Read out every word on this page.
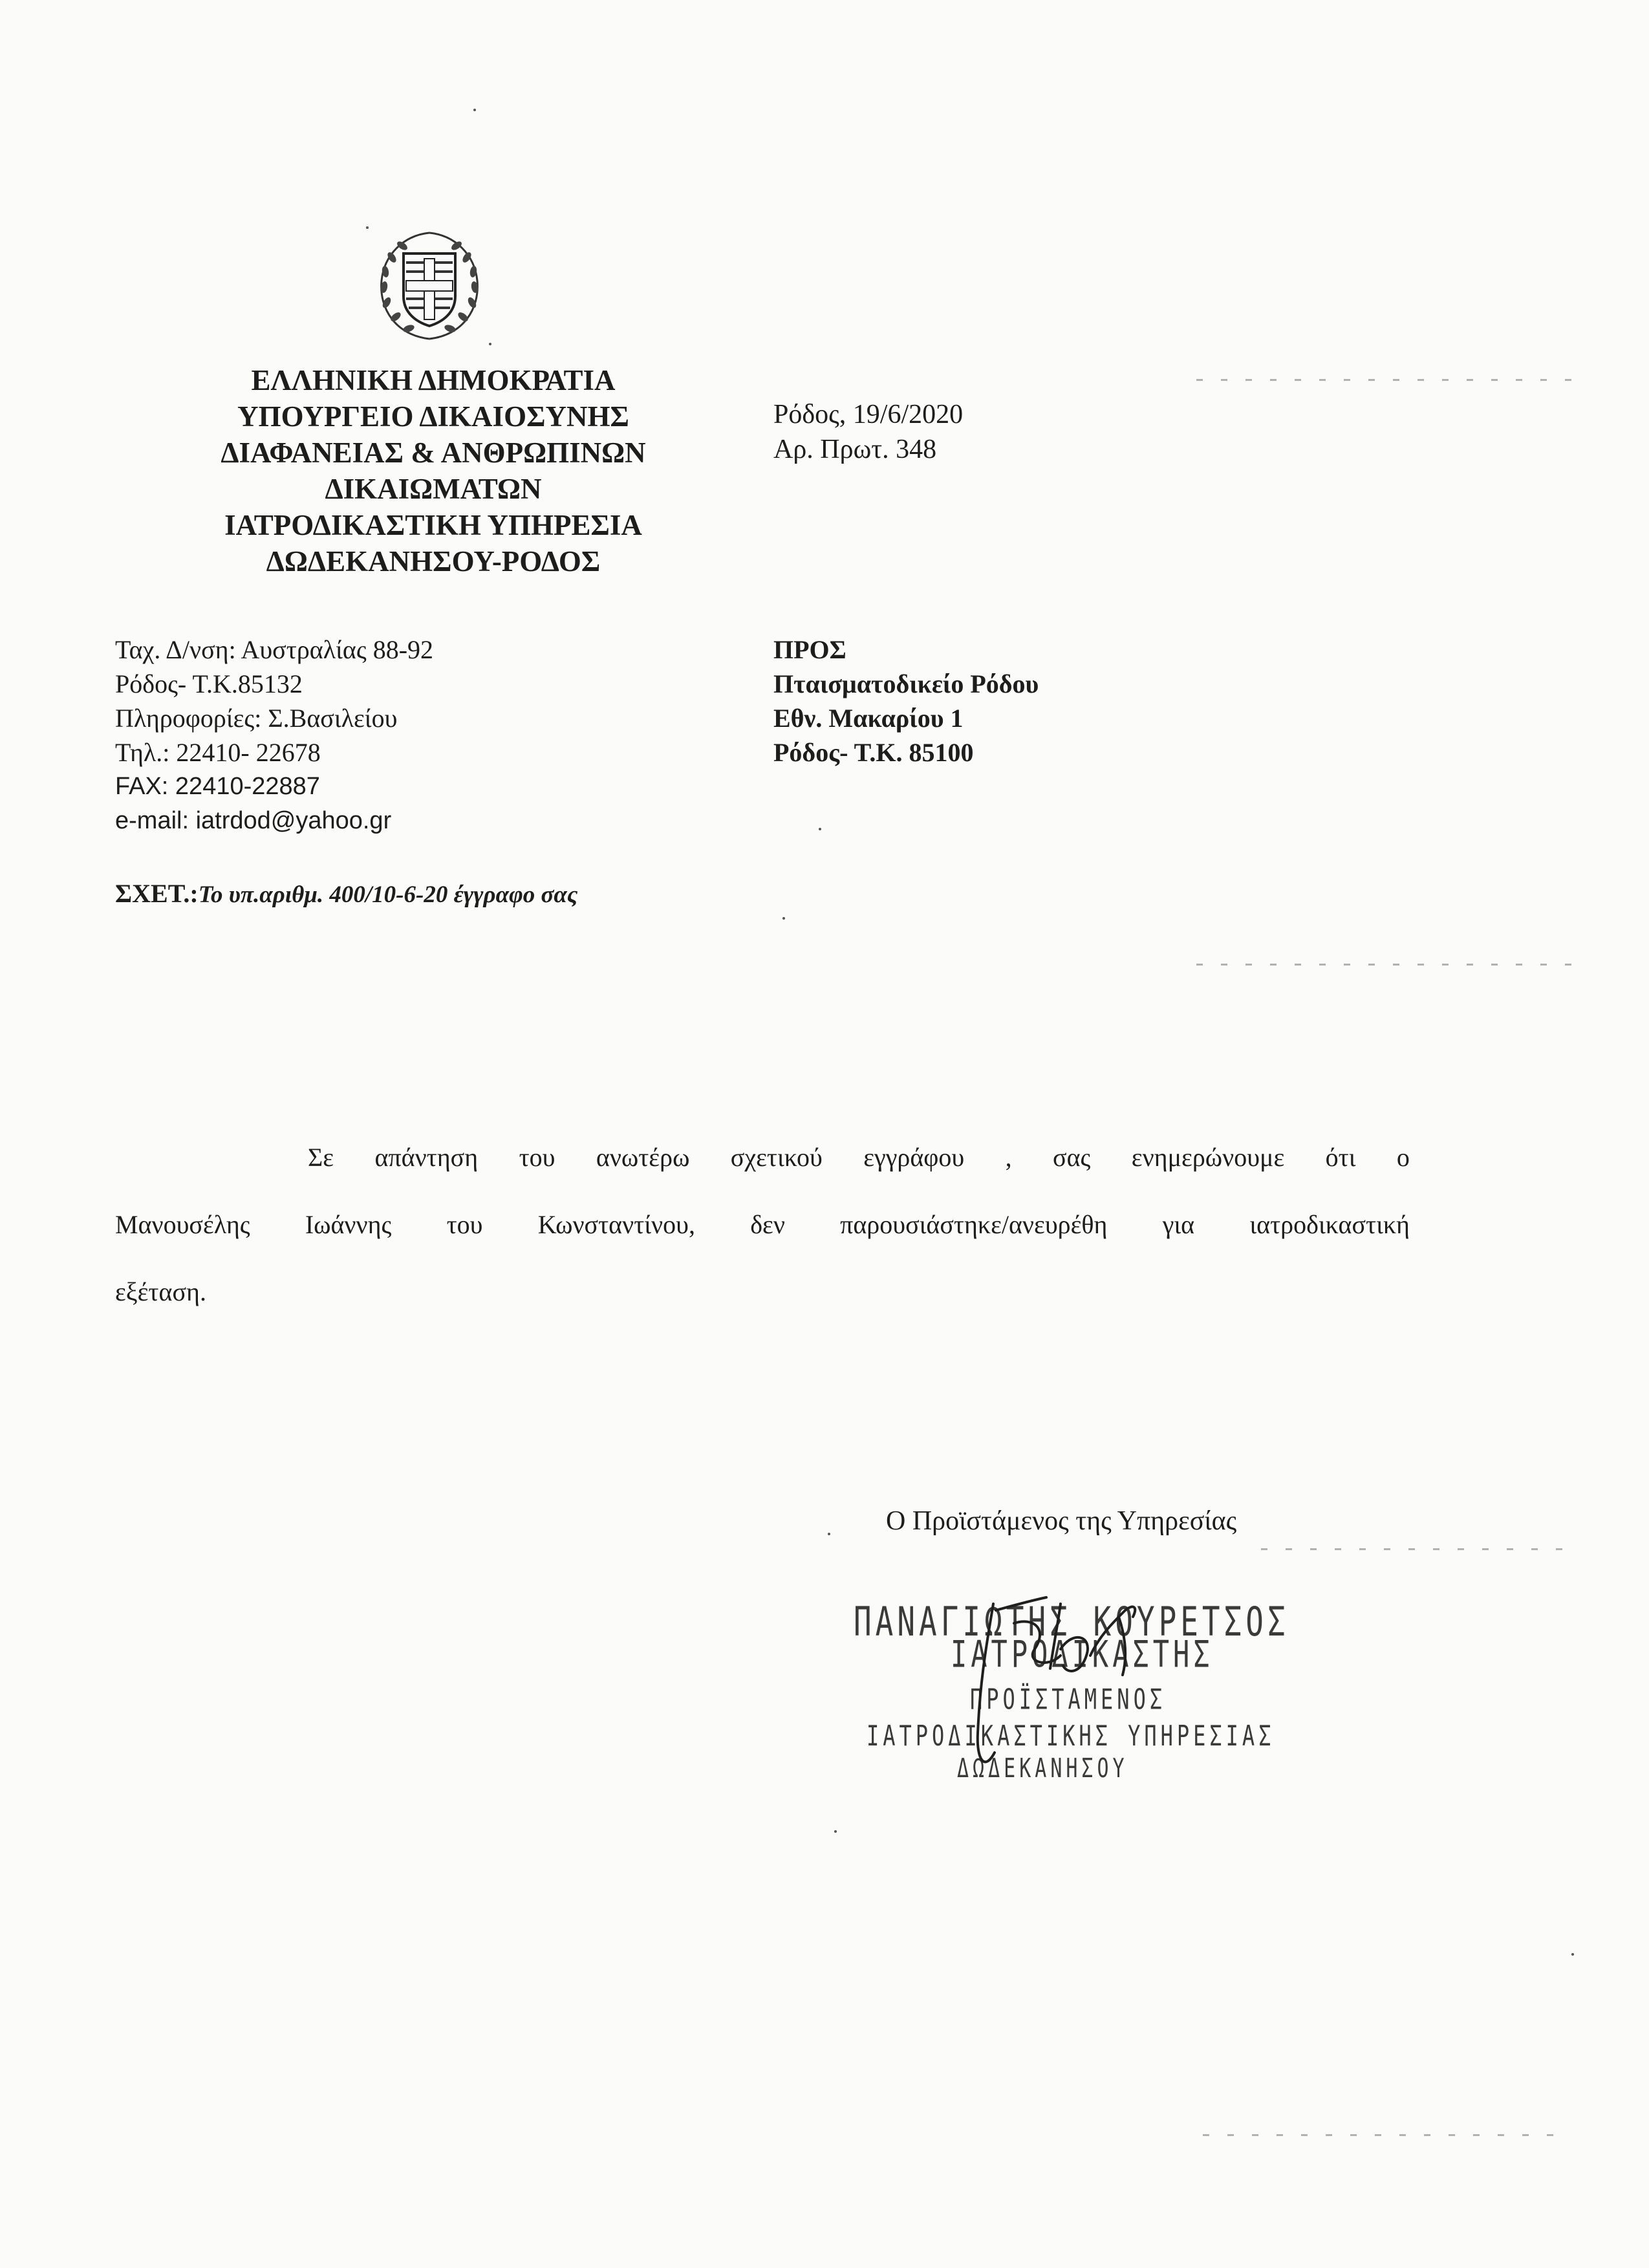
ΕΛΛΗΝΙΚΗ ΔΗΜΟΚΡΑΤΙΑ
ΥΠΟΥΡΓΕΙΟ ΔΙΚΑΙΟΣΥΝΗΣ
ΔΙΑΦΑΝΕΙΑΣ & ΑΝΘΡΩΠΙΝΩΝ
ΔΙΚΑΙΩΜΑΤΩΝ
ΙΑΤΡΟΔΙΚΑΣΤΙΚΗ ΥΠΗΡΕΣΙΑ
ΔΩΔΕΚΑΝΗΣΟΥ-ΡΟΔΟΣ
Ρόδος, 19/6/2020
Αρ. Πρωτ. 348
Ταχ. Δ/νση: Αυστραλίας 88-92
Ρόδος- Τ.Κ.85132
Πληροφορίες: Σ.Βασιλείου
Τηλ.: 22410- 22678
FAX: 22410-22887
e-mail: iatrdod@yahoo.gr
ΠΡΟΣ
Πταισματοδικείο Ρόδου
Εθν. Μακαρίου 1
Ρόδος- Τ.Κ. 85100
ΣΧΕΤ.:Το υπ.αριθμ. 400/10-6-20 έγγραφο σας
Σε απάντηση του ανωτέρω σχετικού εγγράφου , σας ενημερώνουμε ότι ο
Μανουσέλης Ιωάννης του Κωνσταντίνου, δεν παρουσιάστηκε/ανευρέθη για ιατροδικαστική
εξέταση.
Ο Προϊστάμενος της Υπηρεσίας
ΠΑΝΑΓΙΩΤΗΣ ΚΟΥΡΕΤΣΟΣ
ΙΑΤΡΟΔΙΚΑΣΤΗΣ
ΠΡΟΪΣΤΑΜΕΝΟΣ
ΙΑΤΡΟΔΙΚΑΣΤΙΚΗΣ ΥΠΗΡΕΣΙΑΣ
ΔΩΔΕΚΑΝΗΣΟΥ
